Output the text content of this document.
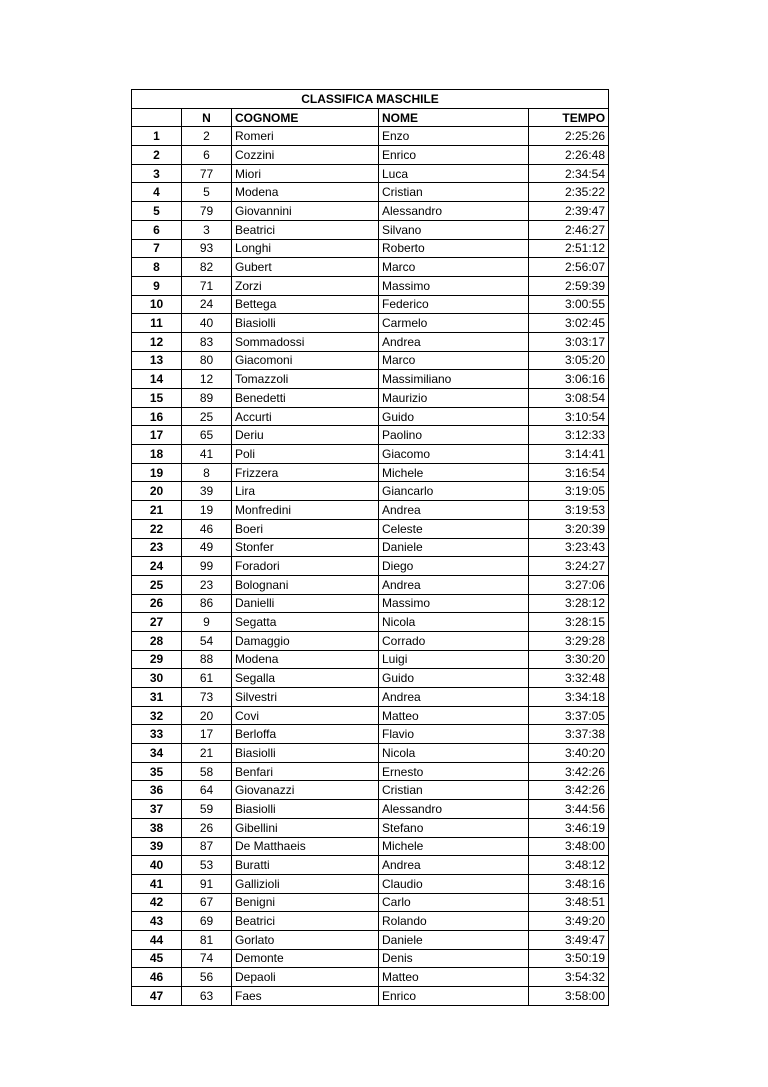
CLASSIFICA MASCHILE				
	N	COGNOME	NOME	TEMPO
1	2	Romeri	Enzo	2:25:26
2	6	Cozzini	Enrico	2:26:48
3	77	Miori	Luca	2:34:54
4	5	Modena	Cristian	2:35:22
5	79	Giovannini	Alessandro	2:39:47
6	3	Beatrici	Silvano	2:46:27
7	93	Longhi	Roberto	2:51:12
8	82	Gubert	Marco	2:56:07
9	71	Zorzi	Massimo	2:59:39
10	24	Bettega	Federico	3:00:55
11	40	Biasiolli	Carmelo	3:02:45
12	83	Sommadossi	Andrea	3:03:17
13	80	Giacomoni	Marco	3:05:20
14	12	Tomazzoli	Massimiliano	3:06:16
15	89	Benedetti	Maurizio	3:08:54
16	25	Accurti	Guido	3:10:54
17	65	Deriu	Paolino	3:12:33
18	41	Poli	Giacomo	3:14:41
19	8	Frizzera	Michele	3:16:54
20	39	Lira	Giancarlo	3:19:05
21	19	Monfredini	Andrea	3:19:53
22	46	Boeri	Celeste	3:20:39
23	49	Stonfer	Daniele	3:23:43
24	99	Foradori	Diego	3:24:27
25	23	Bolognani	Andrea	3:27:06
26	86	Danielli	Massimo	3:28:12
27	9	Segatta	Nicola	3:28:15
28	54	Damaggio	Corrado	3:29:28
29	88	Modena	Luigi	3:30:20
30	61	Segalla	Guido	3:32:48
31	73	Silvestri	Andrea	3:34:18
32	20	Covi	Matteo	3:37:05
33	17	Berloffa	Flavio	3:37:38
34	21	Biasiolli	Nicola	3:40:20
35	58	Benfari	Ernesto	3:42:26
36	64	Giovanazzi	Cristian	3:42:26
37	59	Biasiolli	Alessandro	3:44:56
38	26	Gibellini	Stefano	3:46:19
39	87	De Matthaeis	Michele	3:48:00
40	53	Buratti	Andrea	3:48:12
41	91	Gallizioli	Claudio	3:48:16
42	67	Benigni	Carlo	3:48:51
43	69	Beatrici	Rolando	3:49:20
44	81	Gorlato	Daniele	3:49:47
45	74	Demonte	Denis	3:50:19
46	56	Depaoli	Matteo	3:54:32
47	63	Faes	Enrico	3:58:00
